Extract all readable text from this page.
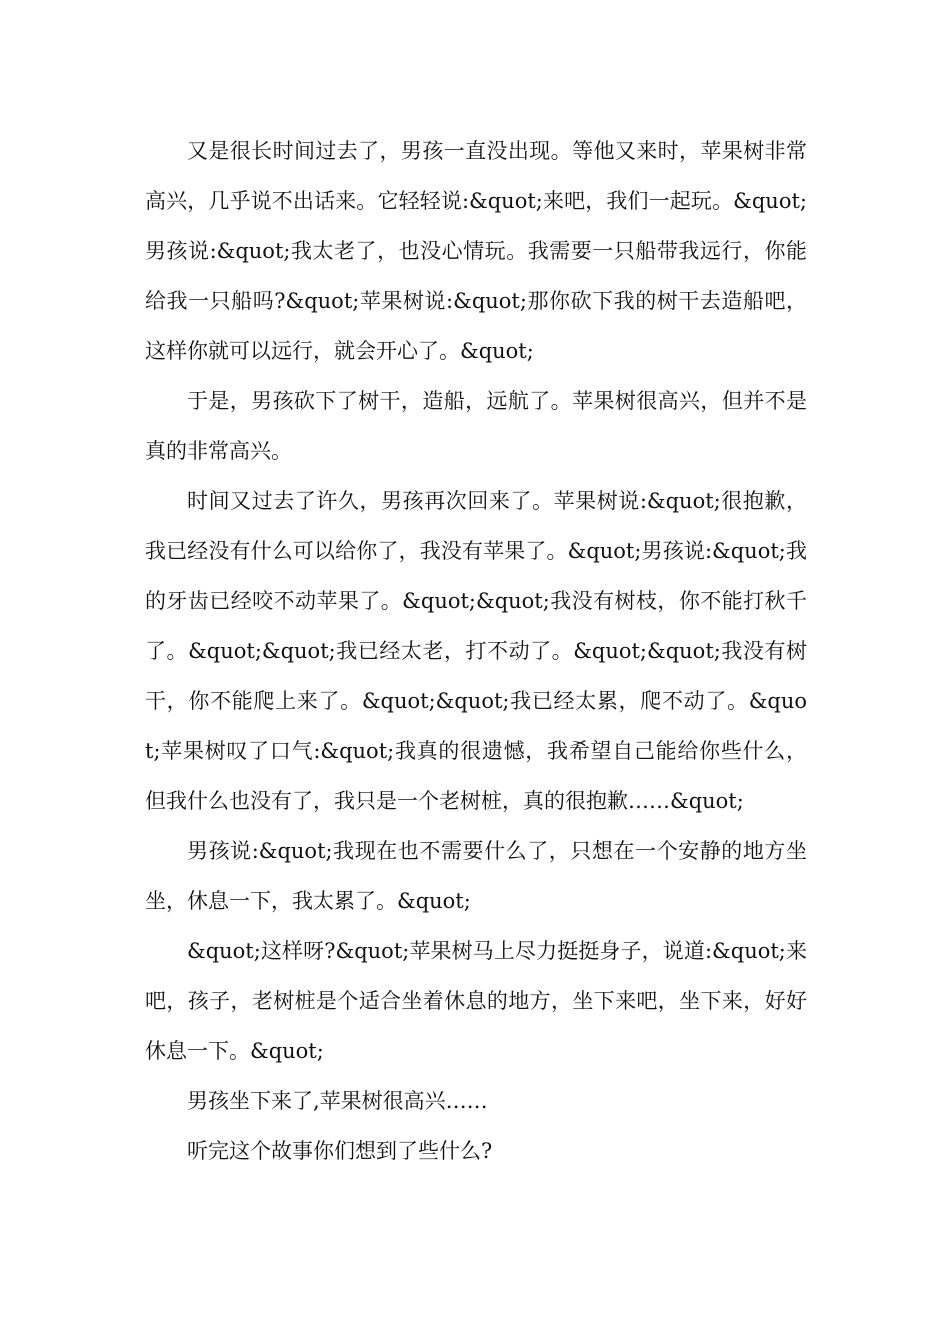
又是很长时间过去了，男孩一直没出现。等他又来时，苹果树非常高兴，几乎说不出话来。它轻轻说:&quot;来吧，我们一起玩。&quot;男孩说:&quot;我太老了，也没心情玩。我需要一只船带我远行，你能给我一只船吗?&quot;苹果树说:&quot;那你砍下我的树干去造船吧，这样你就可以远行，就会开心了。&quot;

于是，男孩砍下了树干，造船，远航了。苹果树很高兴，但并不是真的非常高兴。

时间又过去了许久，男孩再次回来了。苹果树说:&quot;很抱歉，我已经没有什么可以给你了，我没有苹果了。&quot;男孩说:&quot;我的牙齿已经咬不动苹果了。&quot;&quot;我没有树枝，你不能打秋千了。&quot;&quot;我已经太老，打不动了。&quot;&quot;我没有树干，你不能爬上来了。&quot;&quot;我已经太累，爬不动了。&quot;苹果树叹了口气:&quot;我真的很遗憾，我希望自己能给你些什么，但我什么也没有了，我只是一个老树桩，真的很抱歉……&quot;

男孩说:&quot;我现在也不需要什么了，只想在一个安静的地方坐坐，休息一下，我太累了。&quot;

&quot;这样呀?&quot;苹果树马上尽力挺挺身子，说道:&quot;来吧，孩子，老树桩是个适合坐着休息的地方，坐下来吧，坐下来，好好休息一下。&quot;

男孩坐下来了,苹果树很高兴……

听完这个故事你们想到了些什么?
